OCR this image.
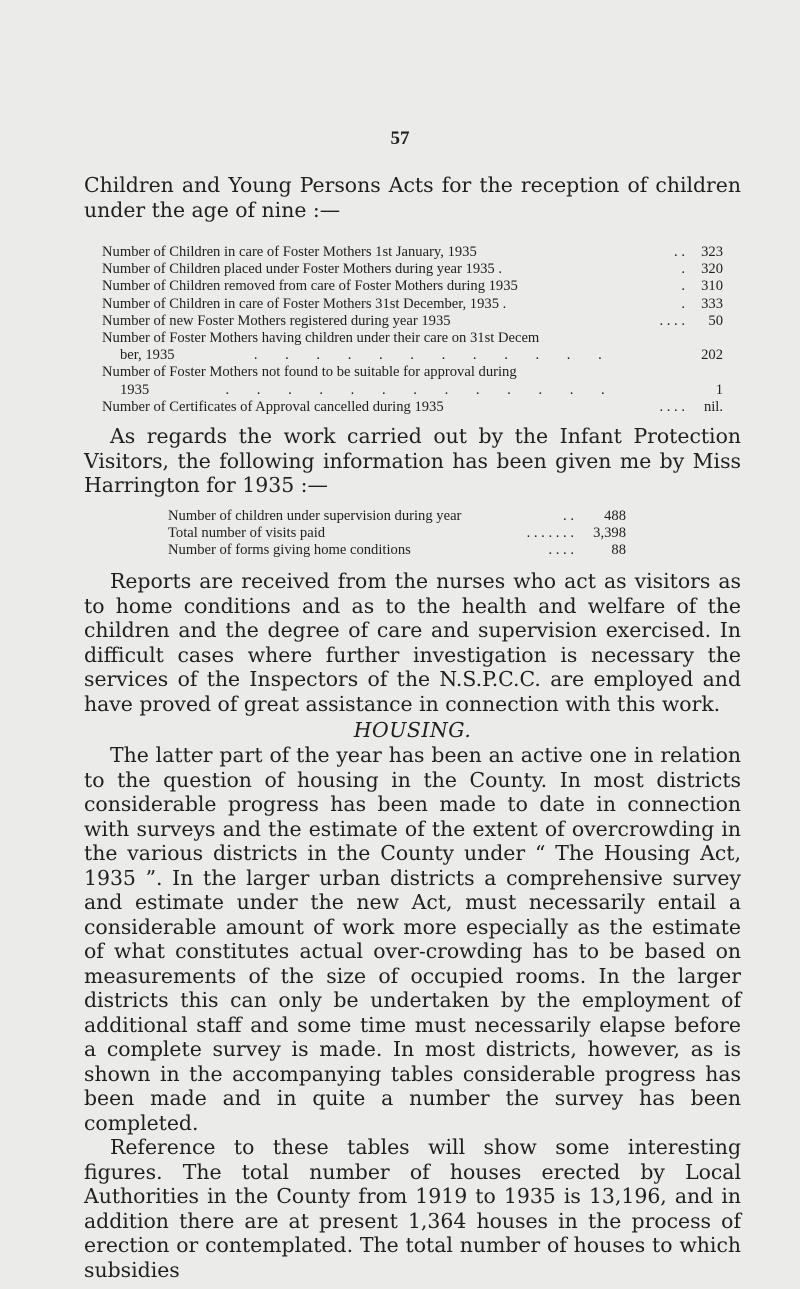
57

Children and Young Persons Acts for the reception of children under the age of nine :—

Number of Children in care of Foster Mothers 1st January, 1935	. .	323
Number of Children placed under Foster Mothers during year 1935 .	.	320
Number of Children removed from care of Foster Mothers during 1935	.	310
Number of Children in care of Foster Mothers 31st December, 1935 .	.	333
Number of new Foster Mothers registered during year 1935	. . . .	50
Number of Foster Mothers having children under their care on 31st Decem
ber, 1935	. . . . . . . . . . . .	202
Number of Foster Mothers not found to be suitable for approval during
1935	. . . . . . . . . . . . .	1
Number of Certificates of Approval cancelled during 1935	. . . .	nil.

As regards the work carried out by the Infant Protection Visitors, the following information has been given me by Miss Harrington for 1935 :—

Number of children under supervision during year	. .	488
Total number of visits paid	. . . . . . .	3,398
Number of forms giving home conditions	. . . .	88

Reports are received from the nurses who act as visitors as to home conditions and as to the health and welfare of the children and the degree of care and supervision exercised. In difficult cases where further investigation is necessary the services of the Inspectors of the N.S.P.C.C. are employed and have proved of great assistance in connection with this work.

HOUSING.

The latter part of the year has been an active one in relation to the question of housing in the County. In most districts considerable progress has been made to date in connection with surveys and the estimate of the extent of overcrowding in the various districts in the County under “ The Housing Act, 1935 ”. In the larger urban districts a comprehensive survey and estimate under the new Act, must necessarily entail a considerable amount of work more especially as the estimate of what constitutes actual over-crowding has to be based on measurements of the size of occupied rooms. In the larger districts this can only be undertaken by the employment of additional staff and some time must necessarily elapse before a complete survey is made. In most districts, however, as is shown in the accompanying tables considerable progress has been made and in quite a number the survey has been completed.

Reference to these tables will show some interesting figures. The total number of houses erected by Local Authorities in the County from 1919 to 1935 is 13,196, and in addition there are at present 1,364 houses in the process of erection or contemplated. The total number of houses to which subsidies
